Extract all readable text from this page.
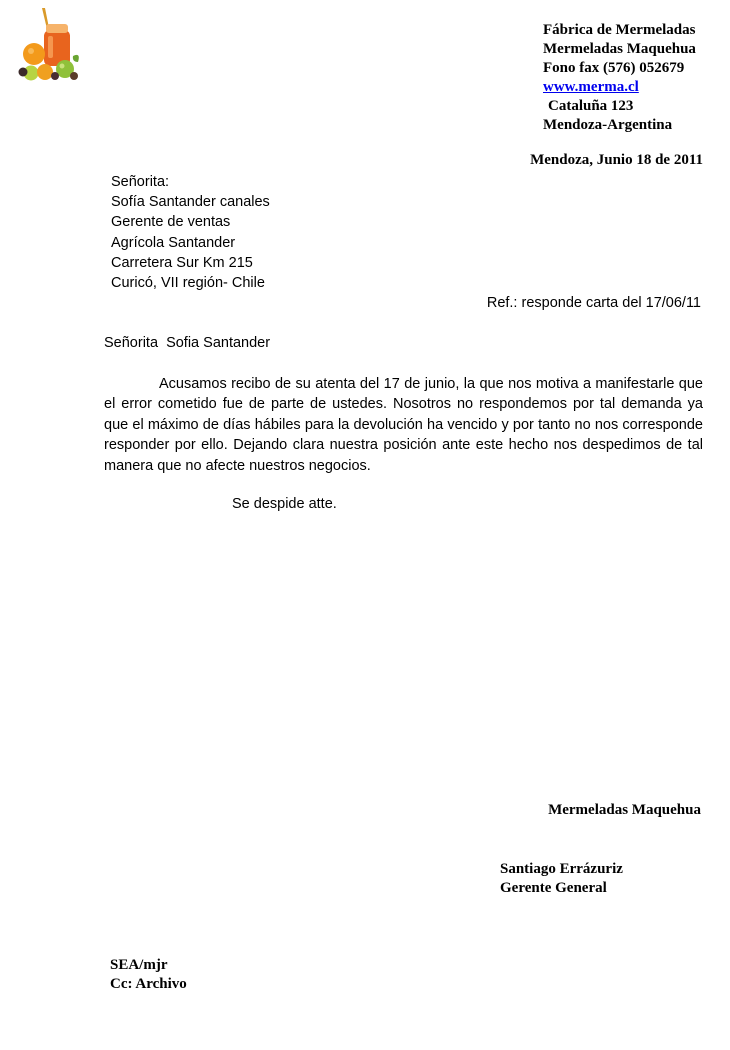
Fábrica de Mermeladas
Mermeladas Maquehua
Fono fax (576) 052679
www.merma.cl
Cataluña 123
Mendoza-Argentina
Mendoza, Junio 18 de 2011
Señorita:
Sofía Santander canales
Gerente de ventas
Agrícola Santander
Carretera Sur Km 215
Curicó, VII región- Chile
Ref.: responde carta del 17/06/11
Señorita  Sofia Santander

Acusamos recibo de su atenta del 17 de junio, la que nos motiva a manifestarle que el error cometido fue de parte de ustedes. Nosotros no respondemos por tal demanda ya que el máximo de días hábiles para la devolución ha vencido y por tanto no nos corresponde responder por ello. Dejando clara nuestra posición ante este hecho nos despedimos de tal manera que no afecte nuestros negocios.

Se despide atte.
Mermeladas Maquehua
Santiago Errázuriz
Gerente General
SEA/mjr
Cc: Archivo
